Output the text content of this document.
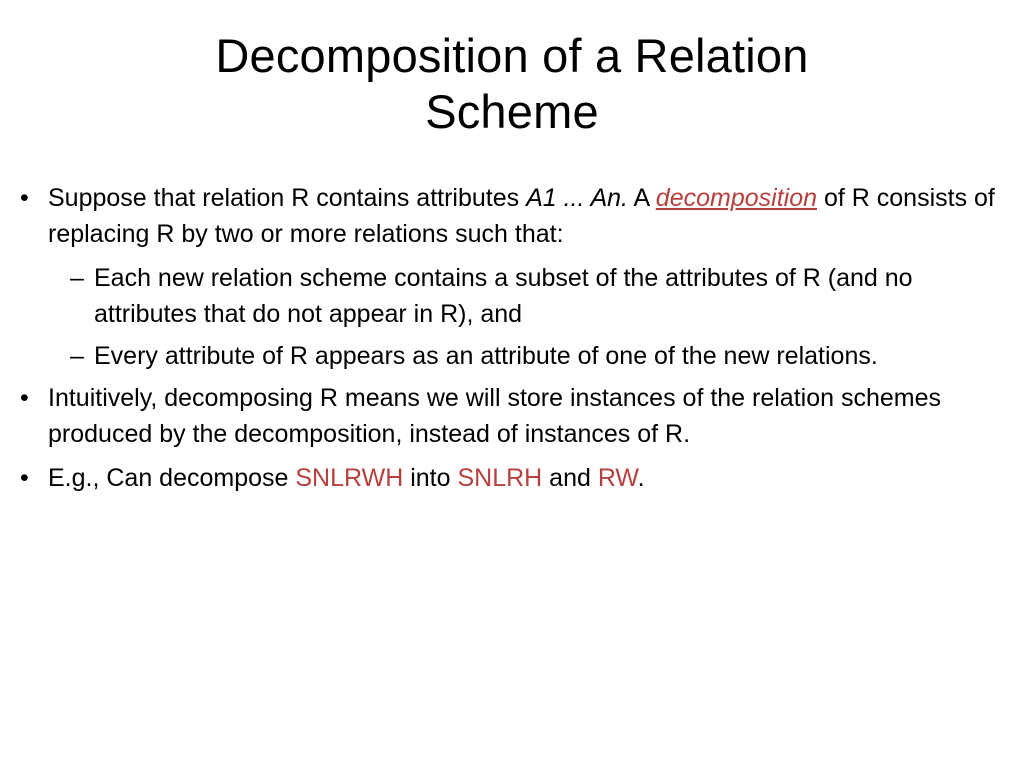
Decomposition of a Relation
Scheme
• Suppose that relation R contains attributes A1 ... An. A decomposition of R consists of replacing R by two or more relations such that:
– Each new relation scheme contains a subset of the attributes of R (and no attributes that do not appear in R), and
– Every attribute of R appears as an attribute of one of the new relations.
• Intuitively, decomposing R means we will store instances of the relation schemes produced by the decomposition, instead of instances of R.
• E.g., Can decompose SNLRWH into SNLRH and RW.
